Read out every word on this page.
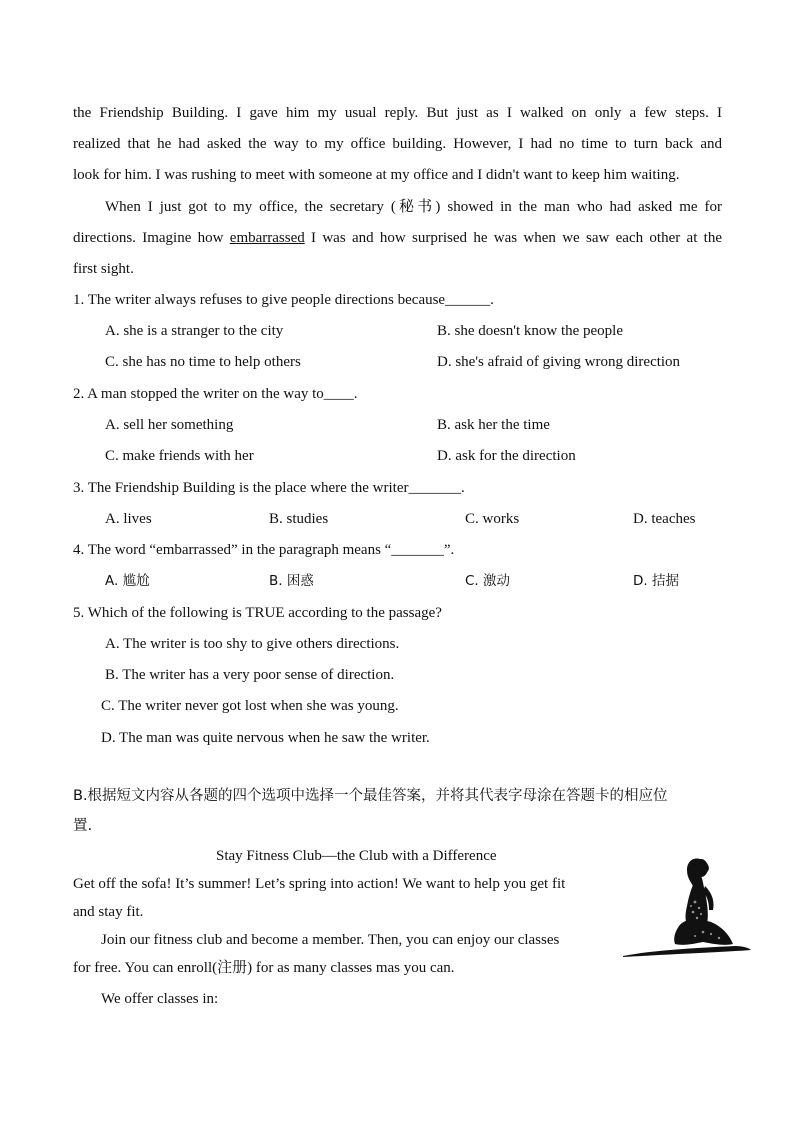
the Friendship Building. I gave him my usual reply. But just as I walked on only a few steps. I
realized that he had asked the way to my office building. However, I had no time to turn back and
look for him. I was rushing to meet with someone at my office and I didn't want to keep him waiting.
When I just got to my office, the secretary (秘书) showed in the man who had asked me for
directions. Imagine how embarrassed I was and how surprised he was when we saw each other at the
first sight.
1. The writer always refuses to give people directions because______.
A. she is a stranger to the city	B. she doesn't know the people
C. she has no time to help others	D. she's afraid of giving wrong direction
2. A man stopped the writer on the way to____.
A. sell her something	B. ask her the time
C. make friends with her	D. ask for the direction
3. The Friendship Building is the place where the writer_______.
A. lives	B. studies	C. works	D. teaches
4. The word “embarrassed” in the paragraph means “_______”.
A. 尴尬	B. 困惑	C. 激动	D. 拮据
5. Which of the following is TRUE according to the passage?
A. The writer is too shy to give others directions.
B. The writer has a very poor sense of direction.
C. The writer never got lost when she was young.
D. The man was quite nervous when he saw the writer.
B.根据短文内容从各题的四个选项中选择一个最佳答案，并将其代表字母涂在答题卡的相应位
置.
Stay Fitness Club—the Club with a Difference
Get off the sofa! It’s summer! Let’s spring into action! We want to help you get fit
and stay fit.
Join our fitness club and become a member. Then, you can enjoy our classes
for free. You can enroll(注册) for as many classes mas you can.
We offer classes in:
